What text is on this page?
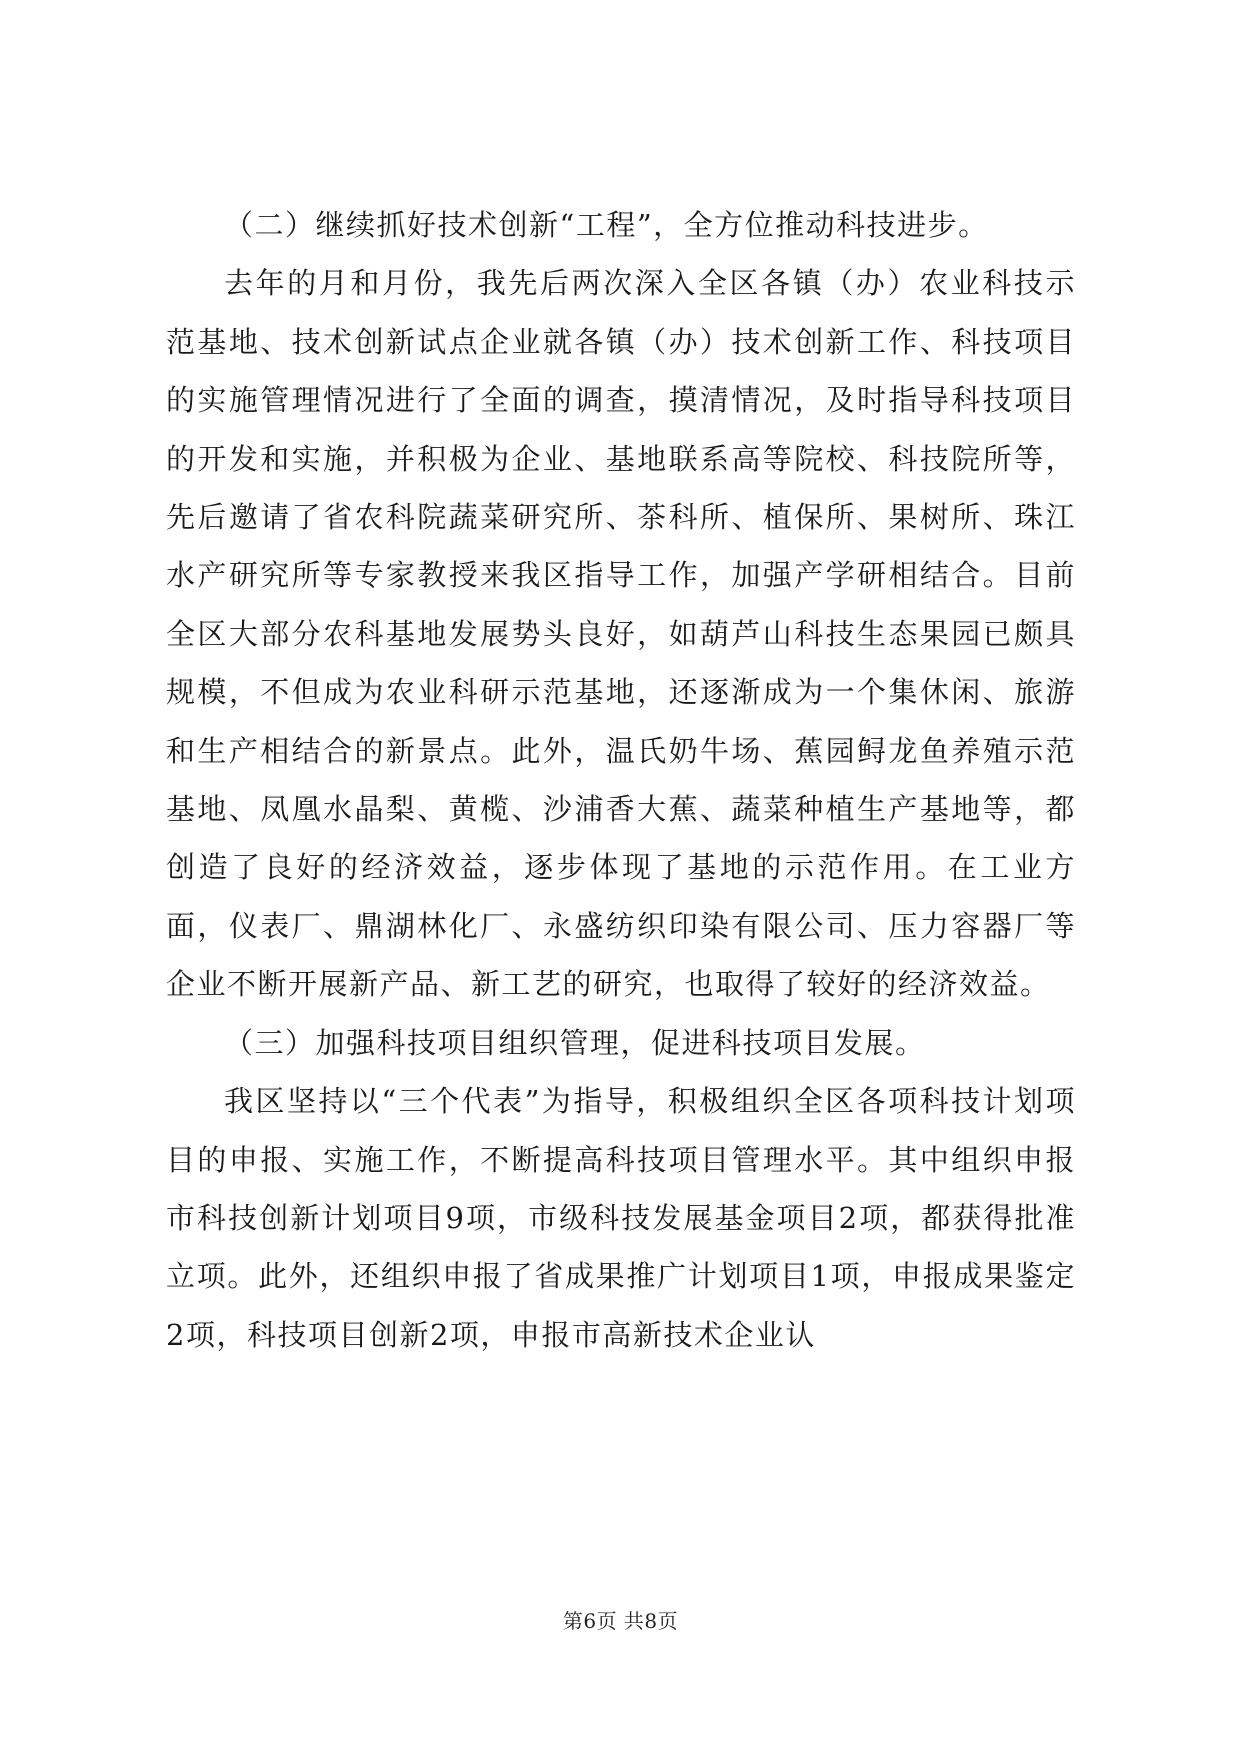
（二）继续抓好技术创新“工程”，全方位推动科技进步。

去年的月和月份，我先后两次深入全区各镇（办）农业科技示范基地、技术创新试点企业就各镇（办）技术创新工作、科技项目的实施管理情况进行了全面的调查，摸清情况，及时指导科技项目的开发和实施，并积极为企业、基地联系高等院校、科技院所等，先后邀请了省农科院蔬菜研究所、茶科所、植保所、果树所、珠江水产研究所等专家教授来我区指导工作，加强产学研相结合。目前全区大部分农科基地发展势头良好，如葫芦山科技生态果园已颇具规模，不但成为农业科研示范基地，还逐渐成为一个集休闲、旅游和生产相结合的新景点。此外，温氏奶牛场、蕉园鲟龙鱼养殖示范基地、凤凰水晶梨、黄榄、沙浦香大蕉、蔬菜种植生产基地等，都创造了良好的经济效益，逐步体现了基地的示范作用。在工业方面，仪表厂、鼎湖林化厂、永盛纺织印染有限公司、压力容器厂等企业不断开展新产品、新工艺的研究，也取得了较好的经济效益。

（三）加强科技项目组织管理，促进科技项目发展。

我区坚持以“三个代表”为指导，积极组织全区各项科技计划项目的申报、实施工作，不断提高科技项目管理水平。其中组织申报市科技创新计划项目9项，市级科技发展基金项目2项，都获得批准立项。此外，还组织申报了省成果推广计划项目1项，申报成果鉴定2项，科技项目创新2项，申报市高新技术企业认

第6页 共8页
